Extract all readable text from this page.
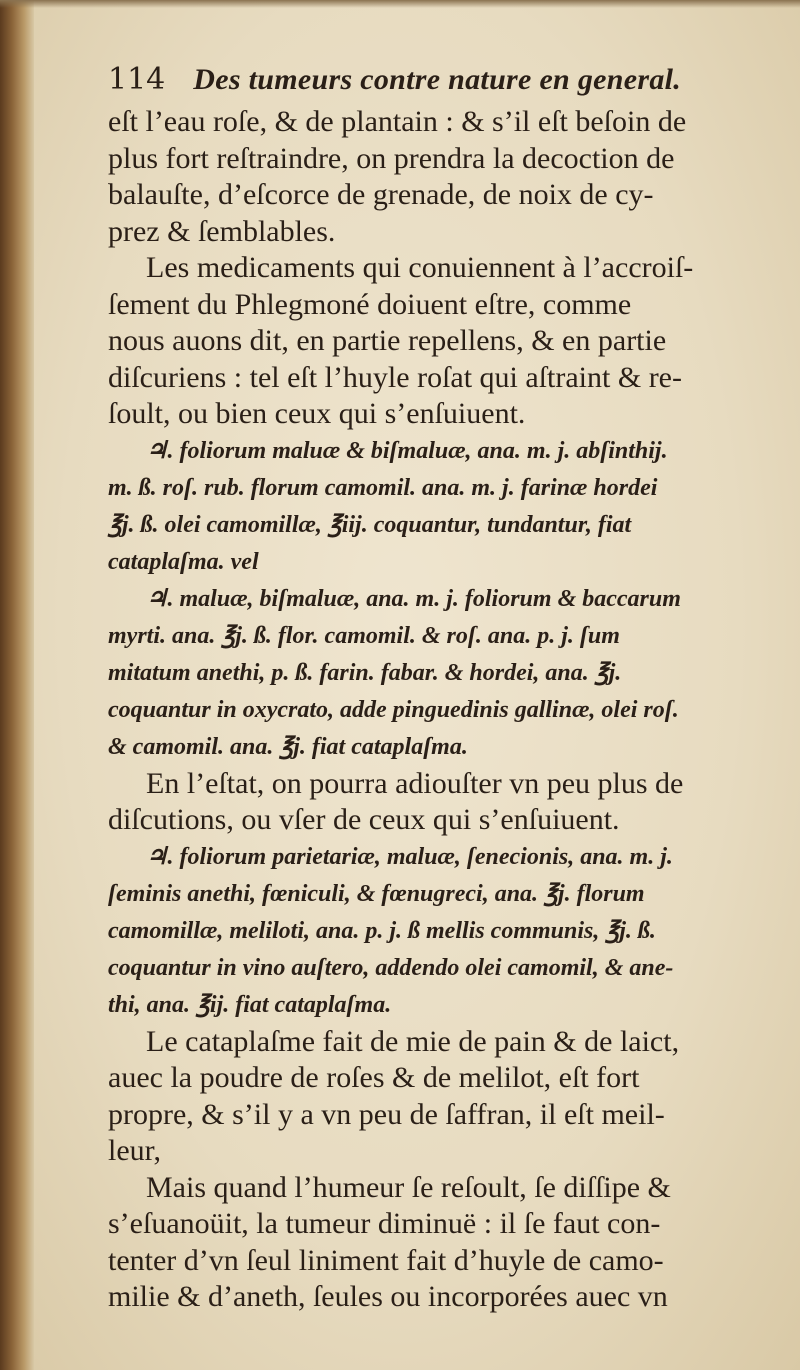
114 Des tumeurs contre nature en general.
eſt l’eau roſe, & de plantain : & s’il eſt beſoin de
plus fort reſtraindre, on prendra la decoction de
balauſte, d’eſcorce de grenade, de noix de cy-
prez & ſemblables.
Les medicaments qui conuiennent à l’accroiſ-
ſement du Phlegmoné doiuent eſtre, comme
nous auons dit, en partie repellens, & en partie
diſcuriens : tel eſt l’huyle roſat qui aſtraint & re-
ſoult, ou bien ceux qui s’enſuiuent.
♃. foliorum maluæ & biſmaluæ, ana. m. j. abſinthij.
m. ß. roſ. rub. florum camomil. ana. m. j. farinæ hordei
℥j. ß. olei camomillæ, ℥iij. coquantur, tundantur, fiat
cataplaſma. vel
♃. maluæ, biſmaluæ, ana. m. j. foliorum & baccarum
myrti. ana. ℥j. ß. flor. camomil. & roſ. ana. p. j. ſum
mitatum anethi, p. ß. farin. fabar. & hordei, ana. ℥j.
coquantur in oxycrato, adde pinguedinis gallinæ, olei roſ.
& camomil. ana. ℥j. fiat cataplaſma.
En l’eſtat, on pourra adiouſter vn peu plus de
diſcutions, ou vſer de ceux qui s’enſuiuent.
♃. foliorum parietariæ, maluæ, ſenecionis, ana. m. j.
ſeminis anethi, fœniculi, & fœnugreci, ana. ℥j. florum
camomillæ, meliloti, ana. p. j. ß mellis communis, ℥j. ß.
coquantur in vino auſtero, addendo olei camomil, & ane-
thi, ana. ℥ij. fiat cataplaſma.
Le cataplaſme fait de mie de pain & de laict,
auec la poudre de roſes & de melilot, eſt fort
propre, & s’il y a vn peu de ſaffran, il eſt meil-
leur,
Mais quand l’humeur ſe reſoult, ſe diſſipe &
s’eſuanoüit, la tumeur diminuë : il ſe faut con-
tenter d’vn ſeul liniment fait d’huyle de camo-
milie & d’aneth, ſeules ou incorporées auec vn
